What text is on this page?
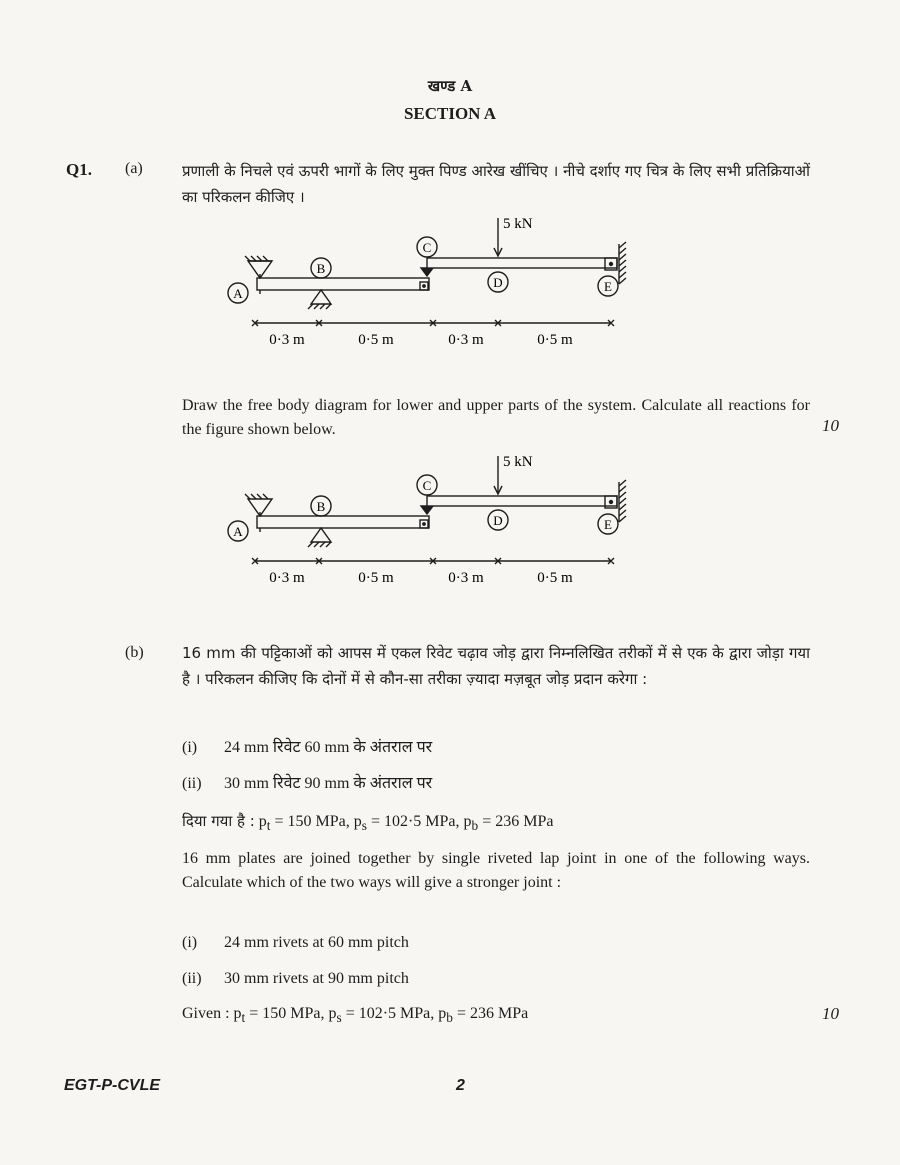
खण्ड A
SECTION A
Q1. (a)	प्रणाली के निचले एवं ऊपरी भागों के लिए मुक्त पिण्ड आरेख खींचिए । नीचे दर्शाए गए चित्र के लिए सभी प्रतिक्रियाओं का परिकलन कीजिए ।
5 kN
A
B
C
D	E
0·3 m	0·5 m	0·3 m	0·5 m
Draw the free body diagram for lower and upper parts of the system. Calculate all reactions for the figure shown below.	10
5 kN
A
B
C
D	E
0·3 m	0·5 m	0·3 m	0·5 m
(b)	16 mm की पट्टिकाओं को आपस में एकल रिवेट चढ़ाव जोड़ द्वारा निम्नलिखित तरीकों में से एक के द्वारा जोड़ा गया है । परिकलन कीजिए कि दोनों में से कौन-सा तरीका ज़्यादा मज़बूत जोड़ प्रदान करेगा :
(i) 24 mm रिवेट 60 mm के अंतराल पर
(ii) 30 mm रिवेट 90 mm के अंतराल पर
दिया गया है : $p_t = 150$ MPa, $p_s = 102\cdot 5$ MPa, $p_b = 236$ MPa
16 mm plates are joined together by single riveted lap joint in one of the following ways. Calculate which of the two ways will give a stronger joint :
(i) 24 mm rivets at 60 mm pitch
(ii) 30 mm rivets at 90 mm pitch
Given : $p_t = 150$ MPa, $p_s = 102\cdot 5$ MPa, $p_b = 236$ MPa	10
EGT-P-CVLE	2
